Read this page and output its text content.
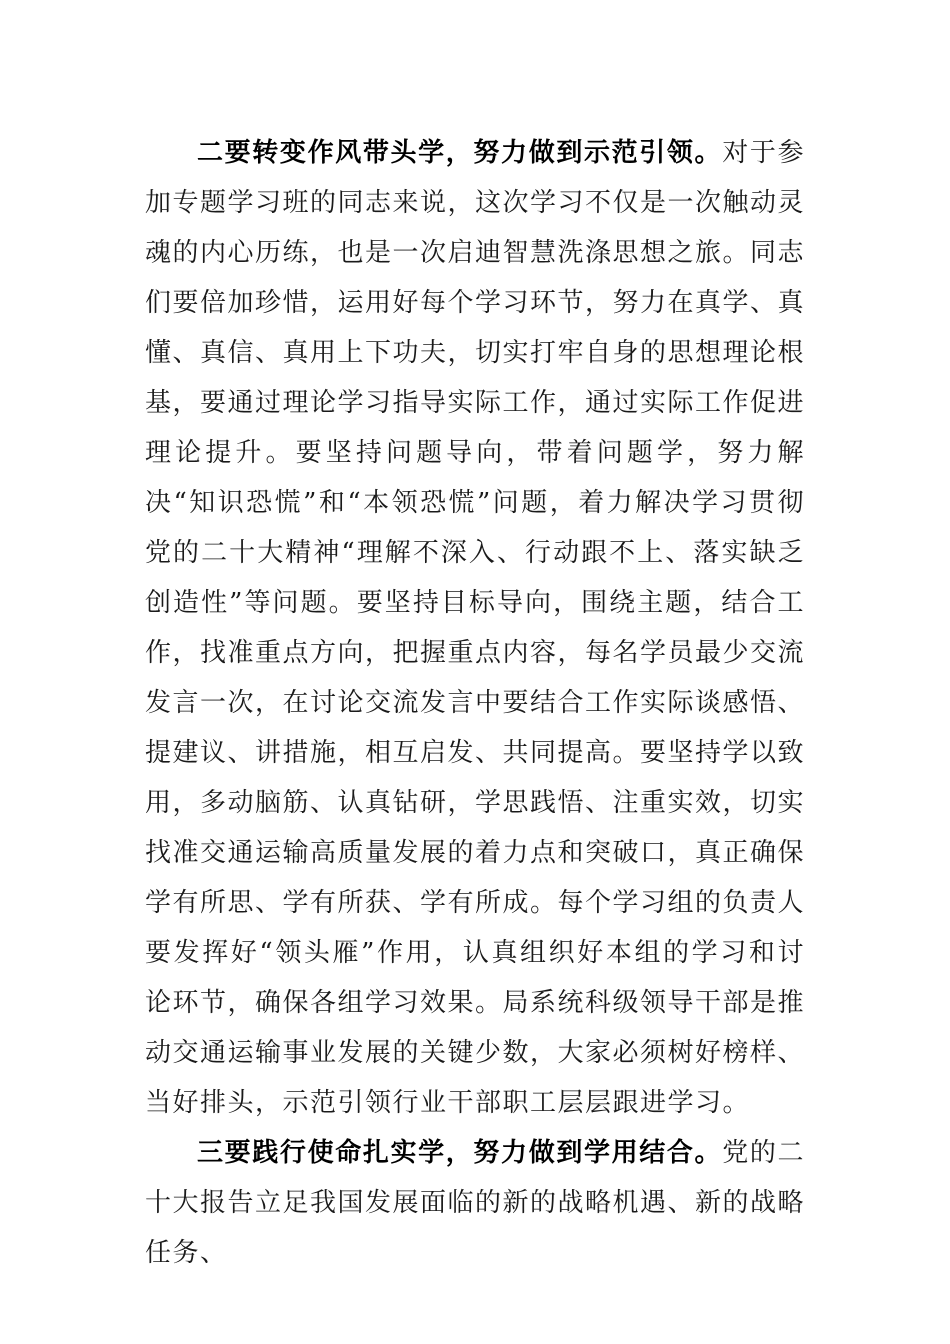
二要转变作风带头学，努力做到示范引领。对于参加专题学习班的同志来说，这次学习不仅是一次触动灵魂的内心历练，也是一次启迪智慧洗涤思想之旅。同志们要倍加珍惜，运用好每个学习环节，努力在真学、真懂、真信、真用上下功夫，切实打牢自身的思想理论根基，要通过理论学习指导实际工作，通过实际工作促进理论提升。要坚持问题导向，带着问题学，努力解决“知识恐慌”和“本领恐慌”问题，着力解决学习贯彻党的二十大精神“理解不深入、行动跟不上、落实缺乏创造性”等问题。要坚持目标导向，围绕主题，结合工作，找准重点方向，把握重点内容，每名学员最少交流发言一次，在讨论交流发言中要结合工作实际谈感悟、提建议、讲措施，相互启发、共同提高。要坚持学以致用，多动脑筋、认真钻研，学思践悟、注重实效，切实找准交通运输高质量发展的着力点和突破口，真正确保学有所思、学有所获、学有所成。每个学习组的负责人要发挥好“领头雁”作用，认真组织好本组的学习和讨论环节，确保各组学习效果。局系统科级领导干部是推动交通运输事业发展的关键少数，大家必须树好榜样、当好排头，示范引领行业干部职工层层跟进学习。

三要践行使命扎实学，努力做到学用结合。党的二十大报告立足我国发展面临的新的战略机遇、新的战略任务、
